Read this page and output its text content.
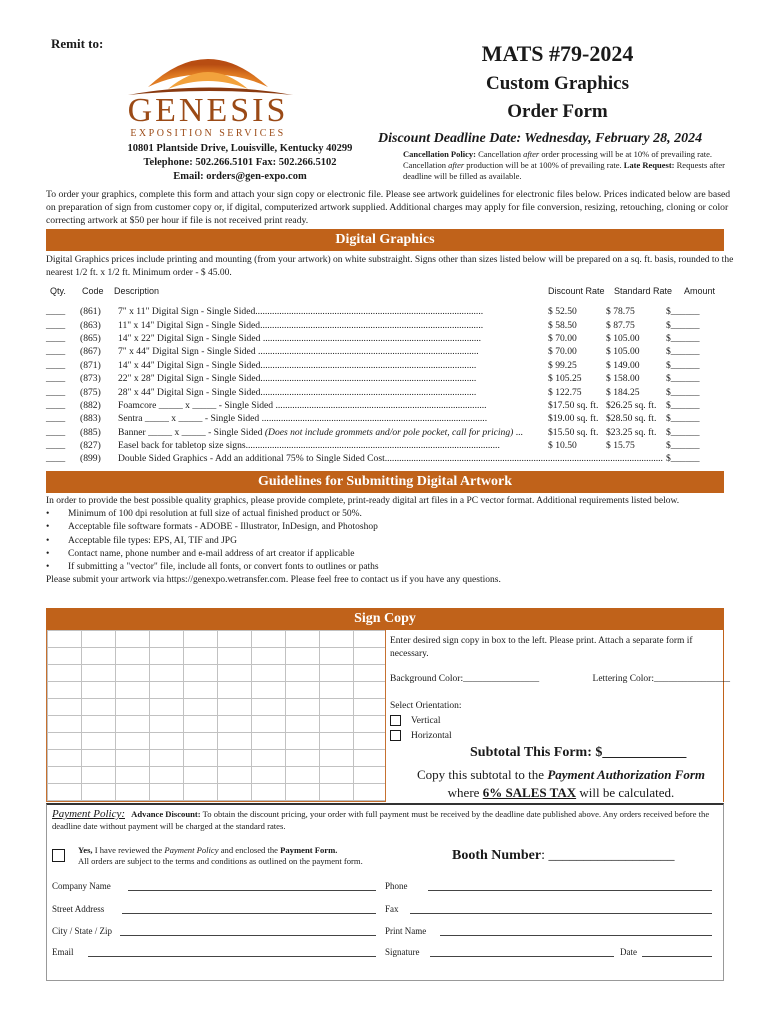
Remit to:
GENESIS
EXPOSITION SERVICES
10801 Plantside Drive, Louisville, Kentucky 40299
Telephone: 502.266.5101 Fax: 502.266.5102
Email: orders@gen-expo.com
MATS #79-2024
Custom Graphics
Order Form
Discount Deadline Date: Wednesday, February 28, 2024
Cancellation Policy: Cancellation after order processing will be at 10% of prevailing rate. Cancellation after production will be at 100% of prevailing rate. Late Request: Requests after deadline will be filled as available.
To order your graphics, complete this form and attach your sign copy or electronic file. Please see artwork guidelines for electronic files below. Prices indicated below are based on preparation of sign from customer copy or, if digital, computerized artwork supplied. Additional charges may apply for file conversion, resizing, retouching, cloning or color correcting artwork at $50 per hour if file is not received print ready.
Digital Graphics
Digital Graphics prices include printing and mounting (from your artwork) on white substraight. Signs other than sizes listed below will be prepared on a sq. ft. basis, rounded to the nearest 1/2 ft. x 1/2 ft. Minimum order - $ 45.00.
Qty. Code Description	Discount Rate Standard Rate Amount
____	(861)	7" x 11" Digital Sign - Single Sided...............................................................................................	$ 52.50	$ 78.75	$______
____	(863)	11" x 14" Digital Sign - Single Sided.............................................................................................	$ 58.50	$ 87.75	$______
____	(865)	14" x 22" Digital Sign - Single Sided ...........................................................................................	$ 70.00	$ 105.00	$______
____	(867)	7" x 44" Digital Sign - Single Sided ............................................................................................	$ 70.00	$ 105.00	$______
____	(871)	14" x 44" Digital Sign - Single Sided..........................................................................................	$ 99.25	$ 149.00	$______
____	(873)	22" x 28" Digital Sign - Single Sided..........................................................................................	$ 105.25	$ 158.00	$______
____	(875)	28" x 44" Digital Sign - Single Sided..........................................................................................	$ 122.75	$ 184.25	$______
____	(882)	Foamcore _____ x _____ - Single Sided ........................................................................................	$17.50 sq. ft.	$26.25 sq. ft.	$______
____	(883)	Sentra _____ x _____ - Single Sided ..............................................................................................	$19.00 sq. ft.	$28.50 sq. ft.	$______
____	(885)	Banner _____ x _____ - Single Sided (Does not include grommets and/or pole pocket, call for pricing) ...	$15.50 sq. ft.	$23.25 sq. ft.	$______
____	(827)	Easel back for tabletop size signs..........................................................................................................	$ 10.50	$ 15.75	$______
____	(899)	Double Sided Graphics - Add an additional 75% to Single Sided Cost....................................................................................................................			$______
Guidelines for Submitting Digital Artwork
In order to provide the best possible quality graphics, please provide complete, print-ready digital art files in a PC vector format. Additional requirements listed below.
• Minimum of 100 dpi resolution at full size of actual finished product or 50%.
• Acceptable file software formats - ADOBE - Illustrator, InDesign, and Photoshop
• Acceptable file types: EPS, AI, TIF and JPG
• Contact name, phone number and e-mail address of art creator if applicable
• If submitting a "vector" file, include all fonts, or convert fonts to outlines or paths
Please submit your artwork via https://genexpo.wetransfer.com. Please feel free to contact us if you have any questions.
Sign Copy
Enter desired sign copy in box to the left. Please print. Attach a separate form if necessary.
Background Color:________________	Lettering Color:________________
Select Orientation:
Vertical
Horizontal
Subtotal This Form: $____________
Copy this subtotal to the Payment Authorization Form
where 6% SALES TAX will be calculated.
Payment Policy: Advance Discount: To obtain the discount pricing, your order with full payment must be received by the deadline date published above. Any orders received before the deadline date without payment will be charged at the standard rates.
Yes, I have reviewed the Payment Policy and enclosed the Payment Form.
All orders are subject to the terms and conditions as outlined on the payment form.	Booth Number: __________________
Company Name	Phone
Street Address	Fax
City / State / Zip	Print Name
Email	Signature	Date
